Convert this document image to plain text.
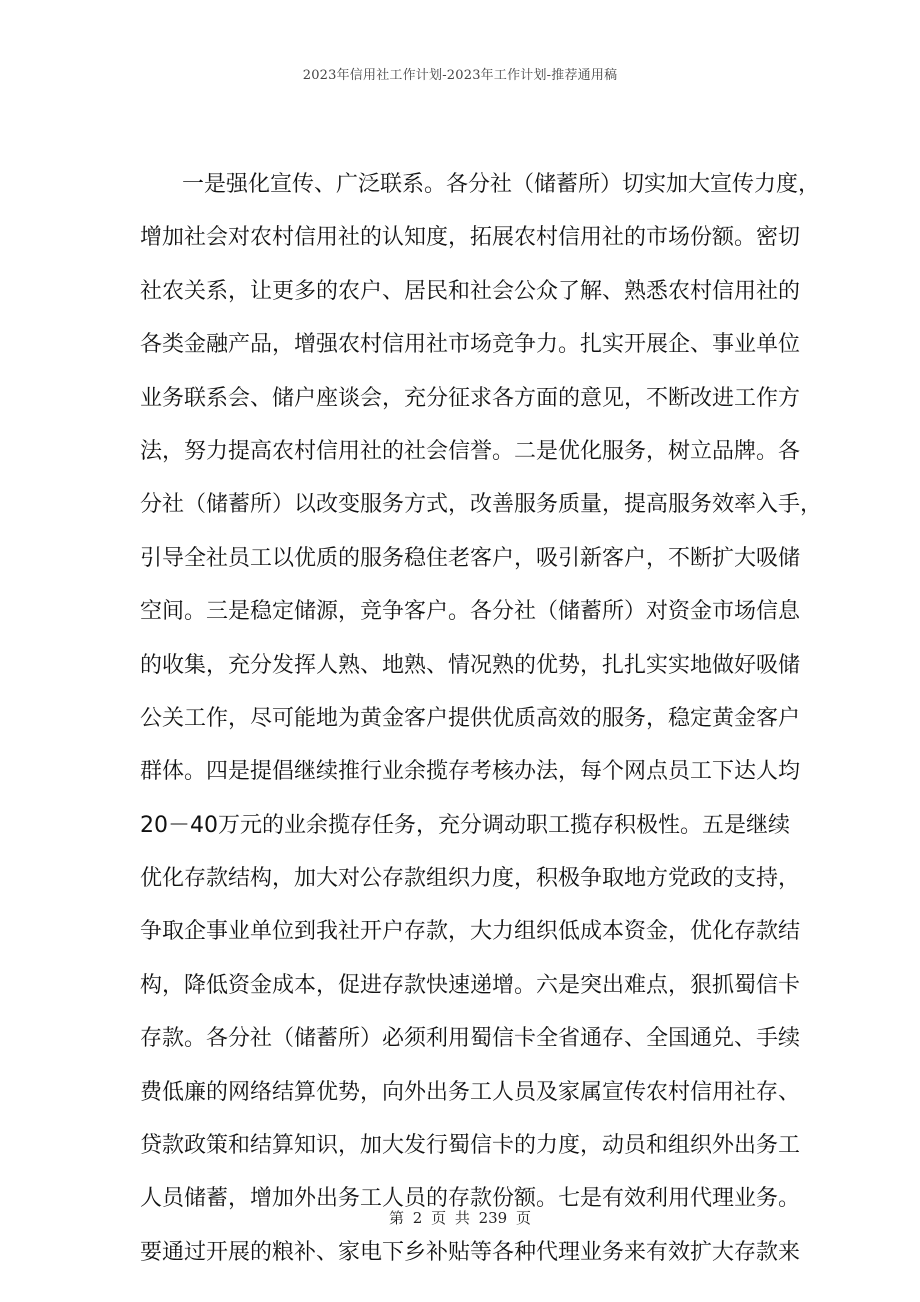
2023年信用社工作计划-2023年工作计划-推荐通用稿
一是强化宣传、广泛联系。各分社（储蓄所）切实加大宣传力度，
增加社会对农村信用社的认知度，拓展农村信用社的市场份额。密切
社农关系，让更多的农户、居民和社会公众了解、熟悉农村信用社的
各类金融产品，增强农村信用社市场竞争力。扎实开展企、事业单位
业务联系会、储户座谈会，充分征求各方面的意见，不断改进工作方
法，努力提高农村信用社的社会信誉。二是优化服务，树立品牌。各
分社（储蓄所）以改变服务方式，改善服务质量，提高服务效率入手，
引导全社员工以优质的服务稳住老客户，吸引新客户，不断扩大吸储
空间。三是稳定储源，竞争客户。各分社（储蓄所）对资金市场信息
的收集，充分发挥人熟、地熟、情况熟的优势，扎扎实实地做好吸储
公关工作，尽可能地为黄金客户提供优质高效的服务，稳定黄金客户
群体。四是提倡继续推行业余揽存考核办法，每个网点员工下达人均
20－40万元的业余揽存任务，充分调动职工揽存积极性。五是继续
优化存款结构，加大对公存款组织力度，积极争取地方党政的支持，
争取企事业单位到我社开户存款，大力组织低成本资金，优化存款结
构，降低资金成本，促进存款快速递增。六是突出难点，狠抓蜀信卡
存款。各分社（储蓄所）必须利用蜀信卡全省通存、全国通兑、手续
费低廉的网络结算优势，向外出务工人员及家属宣传农村信用社存、
贷款政策和结算知识，加大发行蜀信卡的力度，动员和组织外出务工
人员储蓄，增加外出务工人员的存款份额。七是有效利用代理业务。
要通过开展的粮补、家电下乡补贴等各种代理业务来有效扩大存款来
第 2 页 共 239 页
